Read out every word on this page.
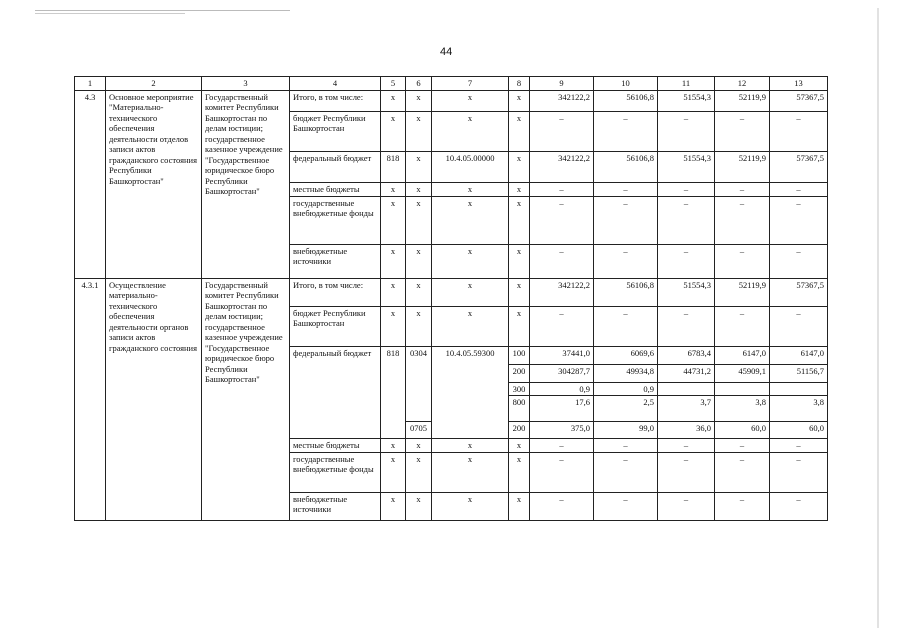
44
1	2	3	4	5	6	7	8	9	10	11	12	13
4.3	Основное мероприятие "Материально-технического обеспечения деятельности отделов записи актов гражданского состояния Республики Башкортостан"	Государственный комитет Республики Башкортостан по делам юстиции; государственное казенное учреждение "Государственное юридическое бюро Республики Башкортостан"	Итого, в том числе:	х	х	х	х	342122,2	56106,8	51554,3	52119,9	57367,5
			бюджет Республики Башкортостан	х	х	х	х	–	–	–	–	–
			федеральный бюджет	818	х	10.4.05.00000	х	342122,2	56106,8	51554,3	52119,9	57367,5
			местные бюджеты	х	х	х	х	–	–	–	–	–
			государственные внебюджетные фонды	х	х	х	х	–	–	–	–	–
			внебюджетные источники	х	х	х	х	–	–	–	–	–
4.3.1	Осуществление материально-технического обеспечения деятельности органов записи актов гражданского состояния	Государственный комитет Республики Башкортостан по делам юстиции; государственное казенное учреждение "Государственное юридическое бюро Республики Башкортостан"	Итого, в том числе:	х	х	х	х	342122,2	56106,8	51554,3	52119,9	57367,5
			бюджет Республики Башкортостан	х	х	х	х	–	–	–	–	–
			федеральный бюджет	818	0304	10.4.05.59300	100	37441,0	6069,6	6783,4	6147,0	6147,0
							200	304287,7	49934,8	44731,2	45909,1	51156,7
							300	0,9	0,9			
							800	17,6	2,5	3,7	3,8	3,8
					0705		200	375,0	99,0	36,0	60,0	60,0
			местные бюджеты	х	х	х	х	–	–	–	–	–
			государственные внебюджетные фонды	х	х	х	х	–	–	–	–	–
			внебюджетные источники	х	х	х	х	–	–	–	–	–
